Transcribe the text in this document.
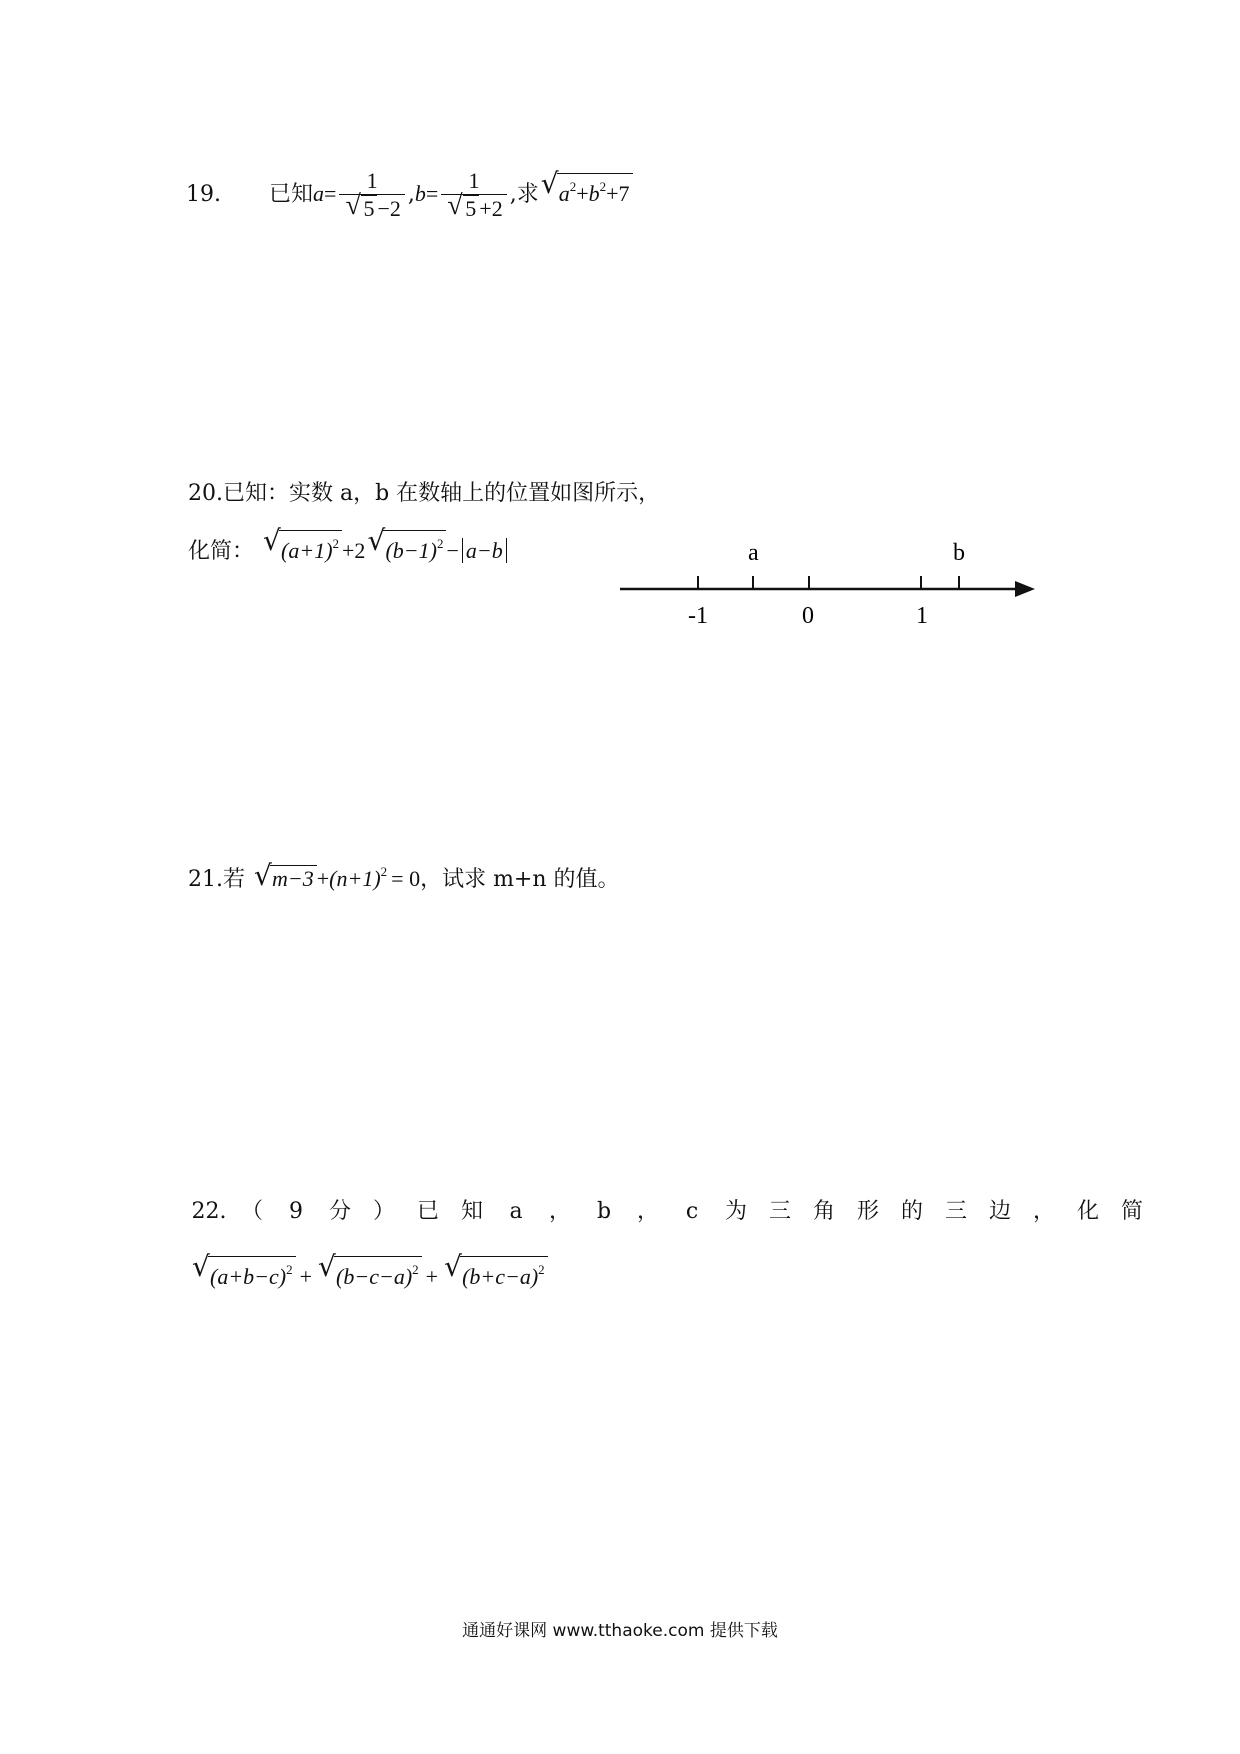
19. 已知$a= \frac{1}{√ 5 -2} ,b= \frac{1}{√ 5 +2}$ ,求 √ $a^2+b^2+7$
20.已知：实数 a，b 在数轴上的位置如图所示，
化简： √ $(a+1)^2 +2$ √ $(b-1)^2 - a-b$	a	b
-1	0	1
21.若 √ $m-3 +(n+1)^2 = 0$，试求 m+n 的值。
22. （ 9 分 ） 已 知 a ， b ， c 为 三 角 形 的 三 边 ， 化 简
√ $(a+b-c)^2$ + √ $(b-c-a)^2$ + √ $(b+c-a)^2$
通通好课网 www.tthaoke.com 提供下载
